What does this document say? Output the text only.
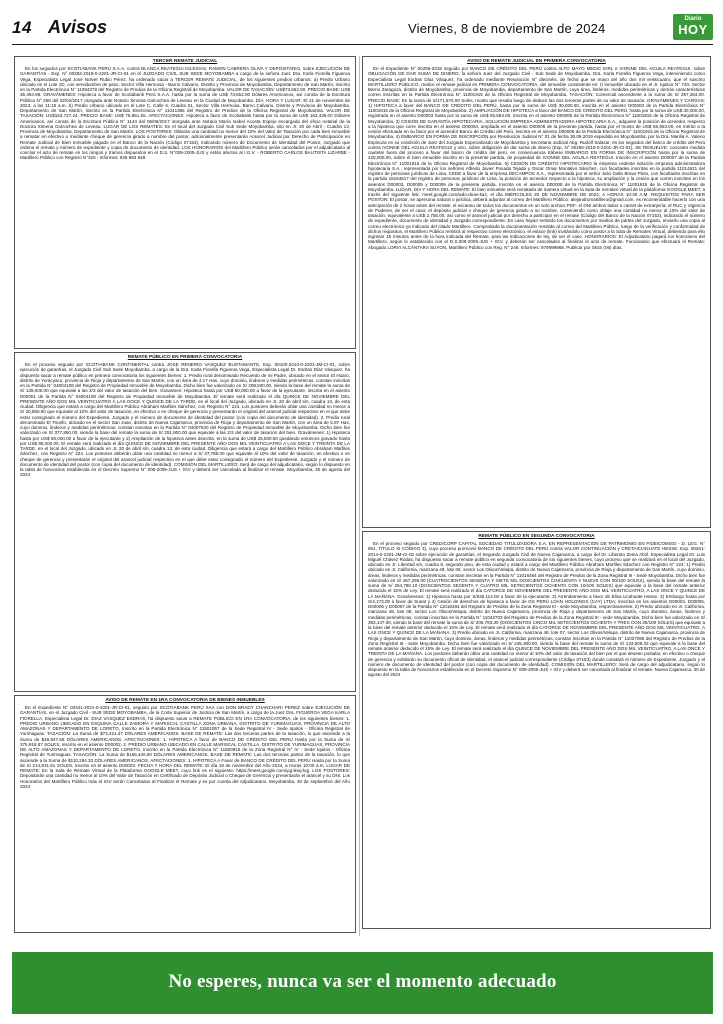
14 Avisos	Viernes, 8 de noviembre de 2024
Diario
HOY
TERCER REMATE JUDICIAL

En los seguidos por SCOTIABANK PERÚ S.A.A. contra BLANCA REATEGUI IGLESIAS, RAMON CABRERA OLIVA Y DEPOSITARIO, sobre EJECUCIÓN DE GARANTÍAS - Exp. N° 00282-2019-0-2201-JR-CI-01 en el JUZGADO CIVIL SUB SEDE MOYOBAMBA a cargo de la señora Juez Dra. Karla Fiorella Figueroa Vega, Especialista Legal José Nolver Rubio Pérez, ha ordenado sacar a TERCER REMATE JUDICIAL, de los siguientes predios urbanos: a) Predio Urbano ubicado en el Lote 1D, con servidumbre de paso, Sector Villa Hermosa - Barrio Calvario, Distrito y Provincia de Moyobamba, Departamento de San Martín, inscrito en la Partida Electrónica N° 11084378 del Registro de Predios de la Oficina Registral de Moyobamba. VALOR DE TASACIÓN: US$73,652.00. PRECIO BASE: US$ 35,494.98. GRAVÁMENES: Hipoteca a favor de Scotiabank Perú S.A.A. hasta por la suma de US$ 73,652.00 Dólares Americanos, así consta de la Escritura Pública N° 259 del 02/02/2017 otorgada ante Notario Ximena Golcochea de Leveau en la Ciudad de Moyobamba. DÍA, HORA Y LUGAR: El 21 de noviembre de 2023, a las 11:15 a.m. b) Predio Urbano ubicado en el Lote C, Calle 6, Cuadra 01, Sector Villa Hermosa, Barrio Calvario, Distrito y Provincia de Moyobamba, Departamento de San Martín, inscrito en la Partida Electrónica N° 11041365 del Registro de Predios de la Oficina Registral de Moyobamba. VALOR DE TASACIÓN: US$163,727.24. PRECIO BASE: US$ 78,861.55. AFECTACIONES: Hipoteca a favor de Scotiabank hasta por la suma de US$ 163,436.00 Dólares Americanos, así consta de la Escritura Pública N° 1144 del 06/06/2017 otorgada ante Notario María Isabel Acosta Espejo encargada del oficio notarial de la Doctora Ximena Golcochea de Leveau. LUGAR DE LOS REMATES: En el local del Juzgado Civil Sub Sede Moyobamba, sito en Jr. 20 de Abril - Cuadra 13, Provincia de Moyobamba, Departamento de San Martín. LOS POSTORES: Oblarán una cantidad no menor del 10% del Valor de Tasación por cada bien inmueble a rematar en efectivo o mediante cheque de gerencia girado a nombre del postor, adicionalmente presentarán Arancel Judicial por Derecho de Participación en Remate Judicial de Bien Inmueble pagado en el Banco de la Nación (Código 07153), indicando número de Documento de Identidad del Postor, Juzgado que ordena el remate y número de expediente y copia de documento de identidad. LOS HONORARIOS del Martillero Público serán cancelados por el adjudicatario al concluir el acto de remate en los rangos y tramos dispuestos en el D.S. N°008-2005-JUS y están afectos al I.G.V. - ROBERTO CARLOS BAUTISTA LIZARBE - Martillero Público con Registro N°326 - Informes: 945 693 848.

REMATE PÚBLICO EN PRIMERA CONVOCATORIA

En el proceso seguido por SCOTIABANK CONTINENTAL contra JOSE RENERIO VASQUEZ BUSTAMANTE, Exp. 00100-2013-0-2201-JM-CI-01, sobre ejecución de garantías, el Juzgado Civil Sub Sede Moyobamba, a cargo de la Dra. Karla Fiorella Figueroa Vega, Especialista Legal Dr. Esdras Díaz Vásquez, ha dispuesto sacar a remate público en primera convocatoria los siguientes bienes: 1. Predio rural denominado Recuerdo de mi Padre, ubicado en el sector El Huaro, distrito de Yuracyacu, provincia de Rioja y departamento de San Martín, con un área de 4.17 Has, cuyo dominio, linderos y medidas perimétricas, constan inscritas en la Partida N° 04004108 del Registro de Propiedad Inmueble de Moyobamba. Dicho bien fue valorizado en S/ 208,500.00, siendo la base del remate la suma de S/ 139,000.00 que equivale a las 2/3 del valor de tasación del bien. Gravamen: Hipoteca hasta por US$ 50,000.00 a favor de la ejecutante, inscrita en el asiento D00001 de la Partida N° 04004108 del Registro de Propiedad Inmueble de Moyobamba. El remate será realizado el día QUINCE DE NOVIEMBRE DEL PRESENTE AÑO DOS MIL VEINTICUATRO A LAS DOCE Y QUINCE DE LA TARDE, en el local del Juzgado, ubicado en Jr. 20 de abril s/n, cuadra 13, de esta ciudad. Diligencia que estará a cargo del Martillero Público Abraham Marfiles Sánchez, con Registro N° 224. Los postores deberán oblar una cantidad no menor a S/ 20,850.00 que equivale al 10% del valor de tasación, en efectivo o en cheque de gerencia y presentarán el original del arancel judicial respectivo en el que debe estar consignado el número del Expediente, Juzgado y el número de documento de identidad del postor (con copia del documento de identidad). 2. Predio rural denominado El Triunfo, ubicado en el sector San Juan, distrito de Nueva Cajamarca, provincia de Rioja y departamento de San Martín, con un área de 5.87 Has, cuyo dominio, linderos y medidas perimétricas, constan inscritas en la Partida N° 04007630 del Registro de Propiedad Inmueble de Moyobamba. Dicho bien fue valorizado en S/ 377,850.00, siendo la base del remate la suma de S/ 251,900.00 que equivale a las 2/3 del valor de tasación del bien. Gravámenes: 1) Hipoteca hasta por US$ 60,000.00 a favor de la ejecutante y 2) Ampliación de la hipoteca antes descrita, en la suma de US$ 25,000.00 quedando entonces gravado hasta por US$ 85,000.00. El remate será realizado el día QUINCE DE NOVIEMBRE DEL PRESENTE AÑO DOS MIL VEINTICUATRO A LAS DOCE Y TREINTA DE LA TARDE, en el local del Juzgado, ubicado en Jr. 20 de abril s/n, cuadra 13, de esta ciudad. Diligencia que estará a cargo del Martillero Público Abraham Marfiles Sánchez, con Registro N° 224. Los postores deberán oblar una cantidad no menor a S/ 37,785.00 que equivale al 10% del valor de tasación, en efectivo o en cheque de gerencia y presentarán el original del arancel judicial respectivo en el que debe estar consignado el número del Expediente, Juzgado y el número de documento de identidad del postor (con copia del documento de identidad). COMISIÓN DEL MARTILLERO: Será de cargo del adjudicatario, según lo dispuesto en la tabla de honorarios establecida en el Decreto Supremo N° 008-2005-JUS + IGV y deberá ser cancelada al finalizar el remate. Moyobamba, 30 de agosto del 2024

AVISO DE REMATE EN 1RA CONVOCATORIA DE BIENES INMUEBLES

En el Expediente N° 00341-2021-0-2201-JR-CI-01, seguido por SCOTIABANK PERÚ SAA con DON BRADY CHANCHARI PEREZ sobre EJECUCIÓN DE GARANTÍAS, en el Juzgado Civil - SUB SEDE MOYOBAMBA, de la Corte Superior de Justicia de San Martín, a cargo de la Juez Dra. FIGUEROA VEGA KARLA FIORELLA, Especialista Legal Dr. DIAZ VASQUEZ ESDRAS, ha dispuesto sacar a REMATE PÚBLICO EN 1RA CONVOCATORIA, de los siguientes bienes: 1. PREDIO URBANO UBICADO EN ESQUINA CALLE ZAMORA Y MARISCAL CASTILLA ZONA URBANA, DISTRITO DE YURIMAGUAS, PROVINCIA DE ALTO AMAZONAS Y DEPARTAMENTO DE LORETO, Inscrito en la Partida Electrónica N° 11501957 de la Sede Registral IV - Sede Iquitos - Oficina Registral de Yurimaguas. TASACIÓN: La Suma de $73,421.47 DÓLARES AMERICANOS. BASE DE REMATE: Las dos terceras partes de la tasación, lo que asciende a la Suma de $48,947.65 DÓLARES AMERICANOS. AFECTACIONES: 1. HIPOTECA A favor de BANCO DE CRÉDITO DEL PERÚ Hasta por la Suma de S/ 375,918.87 SOLES, inscrito en el asiento D00002. 2. PREDIO URBANO UBICADO EN CALLE MARISCAL CASTILLA, DISTRITO DE YURIMAGUAS, PROVINCIA DE ALTO AMAZONAS Y DEPARTAMENTO DE LORETO, Inscrito en la Partida Electrónica N° 11500915 de la Zona Registral N° IV - Sede Iquitos - Oficina Registral de Yurimaguas. TASACIÓN: La Suma de $165,426.50 DÓLARES AMERICANOS. BASE DE REMATE: Las dos terceras partes de la tasación, lo que asciende a la Suma de $110,284.33 DÓLARES AMERICANOS. AFECTACIONES: 1. HIPOTECA A Favor de BANCO DE CRÉDITO DEL PERÚ Hasta por la Suma de S/ 214,831.51 SOLES, inscrito en el asiento D00003. FECHA Y HORA DEL REMATE: El día 18 de noviembre del Año 2024, a Horas 10:00 a.m. LUGAR DE REMATE: En la Sala de Remate Virtual de la Plataforma GOOGLE MEET, cuyo link es el siguiente: https://meet.google.com/yqj-iksq-kqj. LOS POSTORES: Depositarán una cantidad no menor al 10% del Valor de Tasación en Certificado de Depósito Judicial o Cheque de Gerencia y presentarán el arancel y su DNI. Los Honorarios del Martillero Público más el IGV serán Cancelados al Finalizar el Remate y es por cuenta del Adjudicatario. Moyobamba, 30 de septiembre del Año 2024

AVISO DE REMATE JUDICIAL EN PRIMERA CONVOCATORIA

En el Expediente N° 00256-2018 seguido por BANCO DE CRÉDITO DEL PERÚ contra ALTO MAYO MEDIC EIRL e IVONNE DEL AGUILA REATEGUI, sobre OBLIGACIÓN DE DAR SUMA DE DINERO, la señora Juez del Juzgado Civil - Sub Sede de Moyobamba, Dra. Karla Fiorella Figueroa Vega, interviniendo como Especialista Legal Esdras Díaz Vásquez, ha ordenado mediante Resolución N° dieciséis, de fecha que se mayo del año dos mil veinticuatro, que el suscrito MARTILLERO PÚBLICO, realice el remate judicial en PRIMERA CONVOCATORIA, del inmueble consistente en: I) Inmueble ubicado en el Jr. Iquitos N° 720, Sector Barrio Zaragoza, distrito de Moyobamba, provincia de Moyobamba, departamento de San Martín, cuya área, linderos, medidas perimétricas y demás características corren inscritas en la Partida Electrónica N° 11001915 de la Oficina Registral de Moyobamba. TASACIÓN: Comercial ascendente a la suma de S/ 257,364.00. PRECIO BASE: En la suma de S/171,576.00 Soles, monto que resulta luego de deducir las dos terceras partes de su valor de tasación. GRAVÁMENES Y CARGAS: 1) HIPOTECA a favor del BANCO DE CRÉDITO DEL PERÚ, hasta por la suma de US$ 30,000.00, inscrita en el asiento D00003 de la Partida Electrónica N° 11001915 de la Oficina Registral de Moyobamba. 2) AMPLIACIÓN DE HIPOTECA a favor del BANCO DE CRÉDITO DEL PERÚ, hasta por la suma de US$ 30,000.00, registrada en el asiento D00003 hasta por la suma de US$ 65,553.00, inscrita en el asiento D00005 de la Partida Electrónica N° 11001915 de la Oficina Registral de Moyobamba. 3) CESIÓN DE GARANTÍA HIPOTECARIA, SOLUCIÓN EMPRESA ADMINISTRADORA HIPOTECARIA S.A., adquiere la posición de acreedor, respecto a la hipoteca que corre inscrita en el asiento D00003, ampliada en el asiento D00005 de la presente partida, hasta por el monto de US$ 65,553.00, en mérito a la cesión efectuada en su favor por el acreedor Banco de Crédito del Perú, inscrita en el asiento D00006 de la Partida Electrónica N° 11001915 de la Oficina Registral de Moyobamba. 4) EMBARGO EN FORMA DE INSCRIPCIÓN por Resolución Judicial N° 01 de fecha 30.09.2019 expedida en Moyobamba, por la Dra. Marilia A. Valerio Espinoza en su condición de Juez del Juzgado Especializado de Moyobamba y Secretaria Judicial Abg. Rudolf Salazar, en los seguidos del banco de crédito del Perú contra IVONNE DEL AGUILA REATEGUI y otro, sobre obligación de dar suma de dinero (Exp. N° 00256-2018-0-2201-JR-CI-01), SE RESUELVE: conceder medida cautelar fuera del proceso a favor del banco de crédito del perú, en consecuencia trábese EMBARGO EN FORMA DE INSCRIPCIÓN hasta por la suma de 420,000.00, sobre el bien inmueble inscrito en la presente partida, de propiedad de IVONNE DEL AGUILA REATEGUI. Inscrito en el asiento D00007 de la Partida Electrónica N° 11001915 de la Oficina Registral de Moyobamba. 5) CESIÓN DE CRÉDITO HIPOTECARIO la empresa cedente solución empresa administradora hipotecaria S.A., representada por los señores Alfredo Javier Posada Tejada y Oscar Omar Montalvo Sánchez, con facultades inscritas en la partida 11014621 del registro de personas jurídicas de Lima, CEDE a favor de la empresa DECAMPOS S.A., representada por el señor Julio Gallo Bravo Pinto, con facultades inscritas en la partida 15164617 del registro de personas jurídicas de Lima, la posición de acreedor respecto a la hipoteca, su ampliación y la cesión que corren inscritas en los asientos D00003, D00005 y D00006 de la presente partida. Inscrita en el asiento D00008 de la Partida Electrónica N° 11001915 de la Oficina Registral de Moyobamba. LUGAR, DÍA Y HORA DEL REMATE: El bien inmueble será rematado de manera virtual en la Sala de remates virtual de la plataforma GOOGLE MEET, a través del siguiente link: meet.google.com/wdo-dnav-kaz, el día MIÉRCOLES 20 DE NOVIEMBRE DE 2024, A HORAS 10:30 A.M. REQUISITOS PARA SER POSTOR: El postor, se apersona natural o jurídica, deberá adjuntar al correo del Martillero Público: alejandromartillero@gmail.com, es recomendable hacerlo con una anticipación de 2 horas antes del remate, el escaneo de todos los documentos en un solo archivo PDF: el DNI ambos lados o carnet de extranjería; el RUC y Vigencia de Poderes, de ser el caso; el depósito judicial o cheque de gerencia girado a su nombre, conteniendo como oblaje una cantidad no menor al 10% del valor de tasación, equivalente a US$ 2,755.00, así como el arancel judicial por derecho a participar en el remate (Código del Banco de la Nación 07153), indicando el número de expediente, documento de identidad y Juzgado correspondiente. En caso hayan remitido los documentos por medios de partes del Juzgado, enviarlo una copia al correo electrónico ya indicado del citado Martillero. Comprobada la documentación remitida al correo del Martillero Público, luego de la verificación y conformidad de dichos requisitos, el Martillero Público remitirá al respectivo correo electrónico, el enlace (link) invitándolo como postor a la Sala de Remates Virtual, debiendo para ello ingresar 15 minutos antes de la hora indicada del Remate, para las indicaciones de ley, de ser el caso. HONORARIOS: El Adjudicatario pagará los honorarios del Martillero, según lo establecido con el D.S.008-2005-JUS + IGV, y deberán ser cancelados al finalizar el acto de remate. Funcionario que efectuará el Remate: Abogado LORVI ALCÁNTARA SUYON, Martillero Público con Reg. N° 246. Informes: 979999968. Publicar por SEIS (06) días.

REMATE PÚBLICO EN SEGUNDA CONVOCATORIA

En el proceso seguido por CREDICORP CAPITAL SOCIEDAD TITULIZADORA S.A. EN REPRESENTACIÓN DE PATRIMONIO EN FIDEICOMISO - D. LEG. N° 861, TÍTULO XI CÓDIGO 3), cuyo proceso promovió BANCO DE CRÉDITO DEL PERÚ contra VALOR CONTINUACIÓN y CRETAICIANUATE HESSE, Exp. 00261-2014-0-2201-JM-CI-02 sobre ejecución de garantías, el Segundo Juzgado Civil de Nueva Cajamarca, a cargo del Dr. Liberato Zenia Abril, Especialista Legal Dr. Luis Miguel Chávez Rodas, ha dispuesto sacar a remate público en segunda convocatoria de los siguientes bienes, cuyo proceso que se realizará en el local del Juzgado, ubicado en Jr. Libertad s/n, cuadra 8, segundo piso, de esta ciudad y estará a cargo del Martillero Público Abraham Marfiles Sánchez con Registro N° 224: 1) Predio ubicado en Jr. California, manzana 48, lote 06, sector Los Olivos/Velapa, distrito de Nueva Cajamarca, provincia de Rioja y departamento de San Martín, cuyo dominio, áreas, linderos y medidas perimétricas, constan inscritas en la Partida N° 11016464 del Registro de Predios de la Zona Registral III - Sede Moyobamba. Dicho bien fue valorizado en S/ 467,259.00 (CUATROCIENTOS SESENTA Y SIETE MIL DOSCIENTOS CINCUENTA Y NUEVE CON 00/100 SOLES), siendo la base del remate la suma de S/ 264,780.10 (DOSCIENTOS SESENTA Y CUATRO MIL SETECIENTOS OCHENTA CON 10/100 SOLES) que equivale a la base del remate anterior deducido el 15% de Ley. El remate será realizado el día CATORCE DE NOVIEMBRE DEL PRESENTE AÑO DOS MIL VEINTICUATRO, A LAS ONCE Y QUINCE DE LA MAÑANA. Gravámenes: 1) Hipoteca hasta por S/538,114.00 a favor de la ejecutante. 2) Arrendamiento a favor de Elisa Ucahuate Hesse. 3) Embargo hasta por S/4,173.00 a favor de Sunat y 4) Cesión de derechos de hipoteca a favor de GS PERÚ LOAN HOLDINGS (CAY) LTDA; inscritos en los asientos D00004, D00005, D00006 y D00007 de la Partida N° 11018484 del Registro de Predios de la Zona Registral III - sede Moyobamba, respectivamente. 2) Predio ubicado en Jr. California, manzana 48, lote 08, sector Los Olivos/Velapa, distrito de Nueva Cajamarca, provincia de Rioja y departamento de San Martín, cuyo dominio, áreas, linderos y medidas perimétricas, constan inscritas en la Partida N° 11042703 del Registro de Predios de la Zona Registral III - sede Moyobamba. Dicho bien fue valorizado en S/ 383,147.00, siendo la base del remate la suma de S/ 205,783.30 (DOSCIENTOS CINCO MIL SETECIENTOS OCHENTA Y TRES CON 30/100 SOLES) que equivale a la base del remate anterior deducido el 15% de Ley. El remate será realizado el día CATORCE DE NOVIEMBRE DEL PRESENTE AÑO DOS MIL VEINTICUATRO, A LAS ONCE Y QUINCE DE LA MAÑANA. 3) Predio ubicado en Jr. California, manzana 48, lote 07, sector Los Olivos/Velapa, distrito de Nueva Cajamarca, provincia de Rioja y departamento de San Martín, cuyo dominio, áreas, linderos y medidas perimétricas, constan inscritas en la Partida N° 11027066 del Registro de Predios de la Zona Registral III - sede Moyobamba. Dicho bien fue valorizado en S/ 245,300.00, siendo la base del remate la suma de S/ 133,509.33 que equivale a la base del remate anterior deducido el 15% de Ley. El remate será realizado el día QUINCE DE NOVIEMBRE DEL PRESENTE AÑO DOS MIL VEINTICUATRO, A LAS ONCE Y TREINTA DE LA MAÑANA. Los postores deberán oblar una cantidad no menor al 10% del valor de tasación del bien por el que deseen postular, en efectivo o cheque de gerencia y exhibirán su documento oficial de identidad, el arancel judicial correspondiente (Código 07153) donde constará el número de Expediente, Juzgado y el número de documento de identidad del postor (con copia del documento de identidad). COMISIÓN DEL MARTILLERO: Será de cargo del adjudicatario, según lo dispuesto en la tabla de honorarios establecida en el Decreto Supremo N° 008-2005-JUS + IGV y deberá ser cancelada al finalizar el remate. Nueva Cajamarca, 30 de agosto del 2024

No esperes, nunca va ser el momento adecuado
